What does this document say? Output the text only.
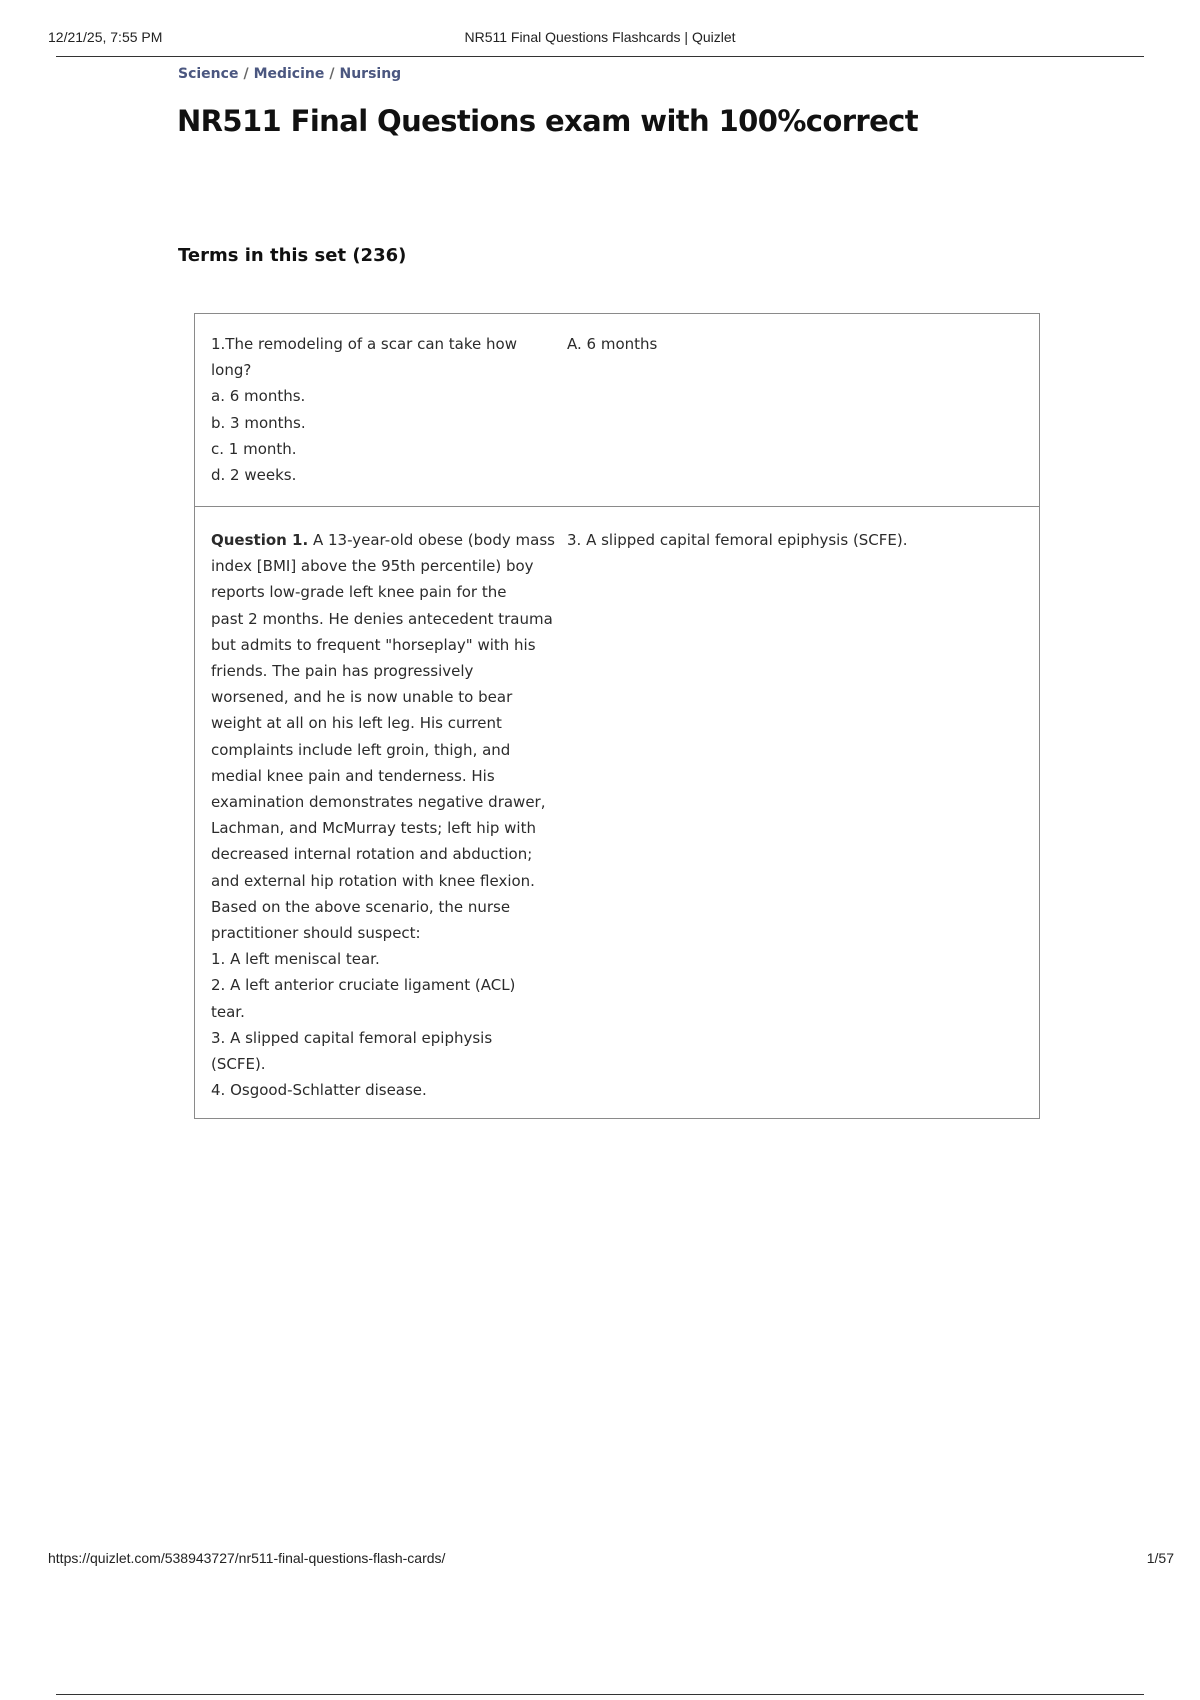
12/21/25, 7:55 PM	NR511 Final Questions Flashcards | Quizlet
Science / Medicine / Nursing
NR511 Final Questions exam with 100%correct
Terms in this set (236)
1.The remodeling of a scar can take how
long?
a. 6 months.
b. 3 months.
c. 1 month.
d. 2 weeks.
A. 6 months
Question 1. A 13-year-old obese (body mass
index [BMI] above the 95th percentile) boy
reports low-grade left knee pain for the
past 2 months. He denies antecedent trauma
but admits to frequent "horseplay" with his
friends. The pain has progressively
worsened, and he is now unable to bear
weight at all on his left leg. His current
complaints include left groin, thigh, and
medial knee pain and tenderness. His
examination demonstrates negative drawer,
Lachman, and McMurray tests; left hip with
decreased internal rotation and abduction;
and external hip rotation with knee flexion.
Based on the above scenario, the nurse
practitioner should suspect:
1. A left meniscal tear.
2. A left anterior cruciate ligament (ACL)
tear.
3. A slipped capital femoral epiphysis
(SCFE).
4. Osgood-Schlatter disease.
3. A slipped capital femoral epiphysis (SCFE).
https://quizlet.com/538943727/nr511-final-questions-flash-cards/	1/57
